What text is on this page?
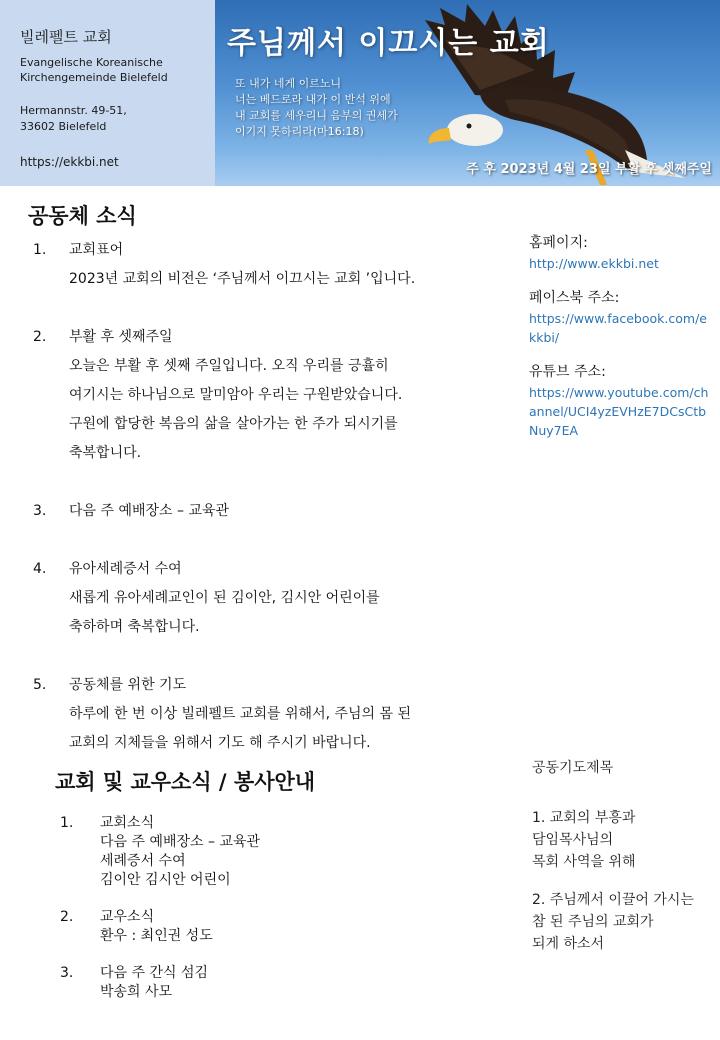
빌레펠트 교회
Evangelische Koreanische
Kirchengemeinde Bielefeld
Hermannstr. 49-51,
33602 Bielefeld
https://ekkbi.net
주님께서 이끄시는 교회
또 내가 네게 이르노니
너는 베드로라 내가 이 반석 위에
내 교회를 세우리니 음부의 권세가
이기지 못하리라(마16:18)
주 후 2023년 4월 23일 부활 후 셋째주일
공동체 소식
1.	교회표어
2023년 교회의 비전은 ‘주님께서 이끄시는 교회 ’입니다.
2.	부활 후 셋째주일
오늘은 부활 후 셋째 주일입니다. 오직 우리를 긍휼히
여기시는 하나님으로 말미암아 우리는 구원받았습니다.
구원에 합당한 복음의 삶을 살아가는 한 주가 되시기를
축복합니다.
3.	다음 주 예배장소 – 교육관
4.	유아세례증서 수여
새롭게 유아세례교인이 된 김이안, 김시안 어린이를
축하하며 축복합니다.
5.	공동체를 위한 기도
하루에 한 번 이상 빌레펠트 교회를 위해서, 주님의 몸 된
교회의 지체들을 위해서 기도 해 주시기 바랍니다.
홈페이지:
http://www.ekkbi.net
페이스북 주소:
https://www.facebook.com/ekkbi/
유튜브 주소:
https://www.youtube.com/channel/UCI4yzEVHzE7DCsCtbNuy7EA
공동기도제목
1. 교회의 부흥과
담임목사님의
목회 사역을 위해
2. 주님께서 이끌어 가시는
참 된 주님의 교회가
되게 하소서
교회 및 교우소식 / 봉사안내
1.	교회소식
다음 주 예배장소 – 교육관
세례증서 수여
김이안 김시안 어린이
2.	교우소식
환우 : 최인권 성도
3.	다음 주 간식 섬김
박송희 사모
